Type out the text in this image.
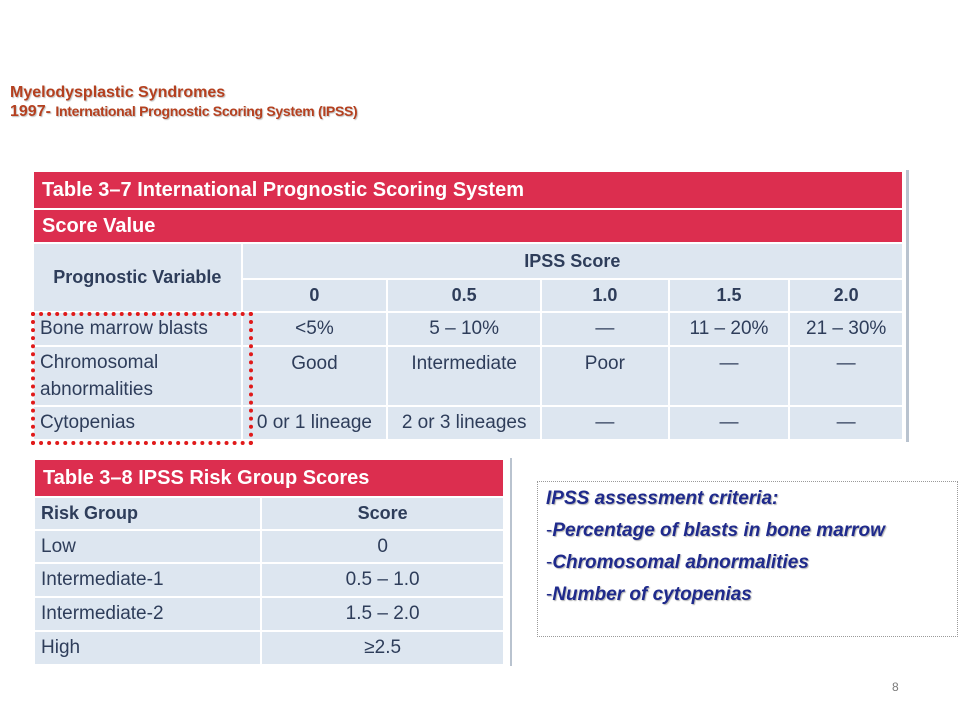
Myelodysplastic Syndromes
1997- International Prognostic Scoring System (IPSS)
Table 3–7 International Prognostic Scoring System					
Score Value					
Prognostic Variable	IPSS Score				
	0	0.5	1.0	1.5	2.0
Bone marrow blasts	<5%	5 – 10%	—	11 – 20%	21 – 30%
Chromosomal abnormalities	Good	Intermediate	Poor	—	—
Cytopenias	0 or 1 lineage	2 or 3 lineages	—	—	—
Table 3–8 IPSS Risk Group Scores	
Risk Group	Score
Low	0
Intermediate-1	0.5 – 1.0
Intermediate-2	1.5 – 2.0
High	≥2.5
IPSS assessment criteria:
-Percentage of blasts in bone marrow
-Chromosomal abnormalities
-Number of cytopenias
8
